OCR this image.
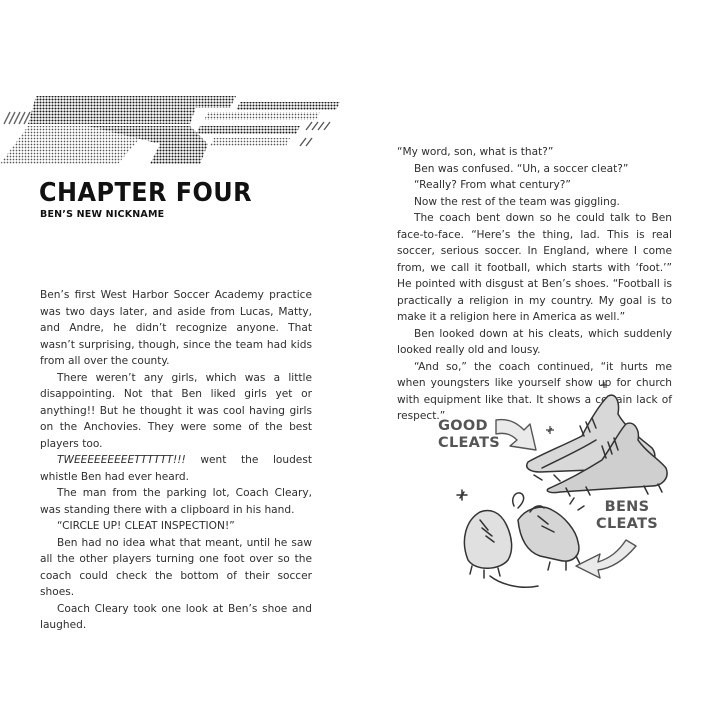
CHAPTER FOUR
BEN’S NEW NICKNAME

Ben’s first West Harbor Soccer Academy practice was two days later, and aside from Lucas, Matty, and Andre, he didn’t recognize anyone. That wasn’t surprising, though, since the team had kids from all over the county.

There weren’t any girls, which was a little disappointing. Not that Ben liked girls yet or anything!! But he thought it was cool having girls on the Anchovies. They were some of the best players too.

TWEEEEEEEEETTTTTT!!! went the loudest whistle Ben had ever heard.

The man from the parking lot, Coach Cleary, was standing there with a clipboard in his hand.

“CIRCLE UP! CLEAT INSPECTION!”

Ben had no idea what that meant, until he saw all the other players turning one foot over so the coach could check the bottom of their soccer shoes.

Coach Cleary took one look at Ben’s shoe and laughed.

“My word, son, what is that?”

Ben was confused. “Uh, a soccer cleat?”

“Really? From what century?”

Now the rest of the team was giggling.

The coach bent down so he could talk to Ben face-to-face. “Here’s the thing, lad. This is real soccer, serious soccer. In England, where I come from, we call it football, which starts with ‘foot.’” He pointed with disgust at Ben’s shoes. “Football is practically a religion in my country. My goal is to make it a religion here in America as well.”

Ben looked down at his cleats, which suddenly looked really old and lousy.

“And so,” the coach continued, “it hurts me when youngsters like yourself show up for church with equipment like that. It shows a certain lack of respect.”

GOOD
CLEATS
BENS
CLEATS
